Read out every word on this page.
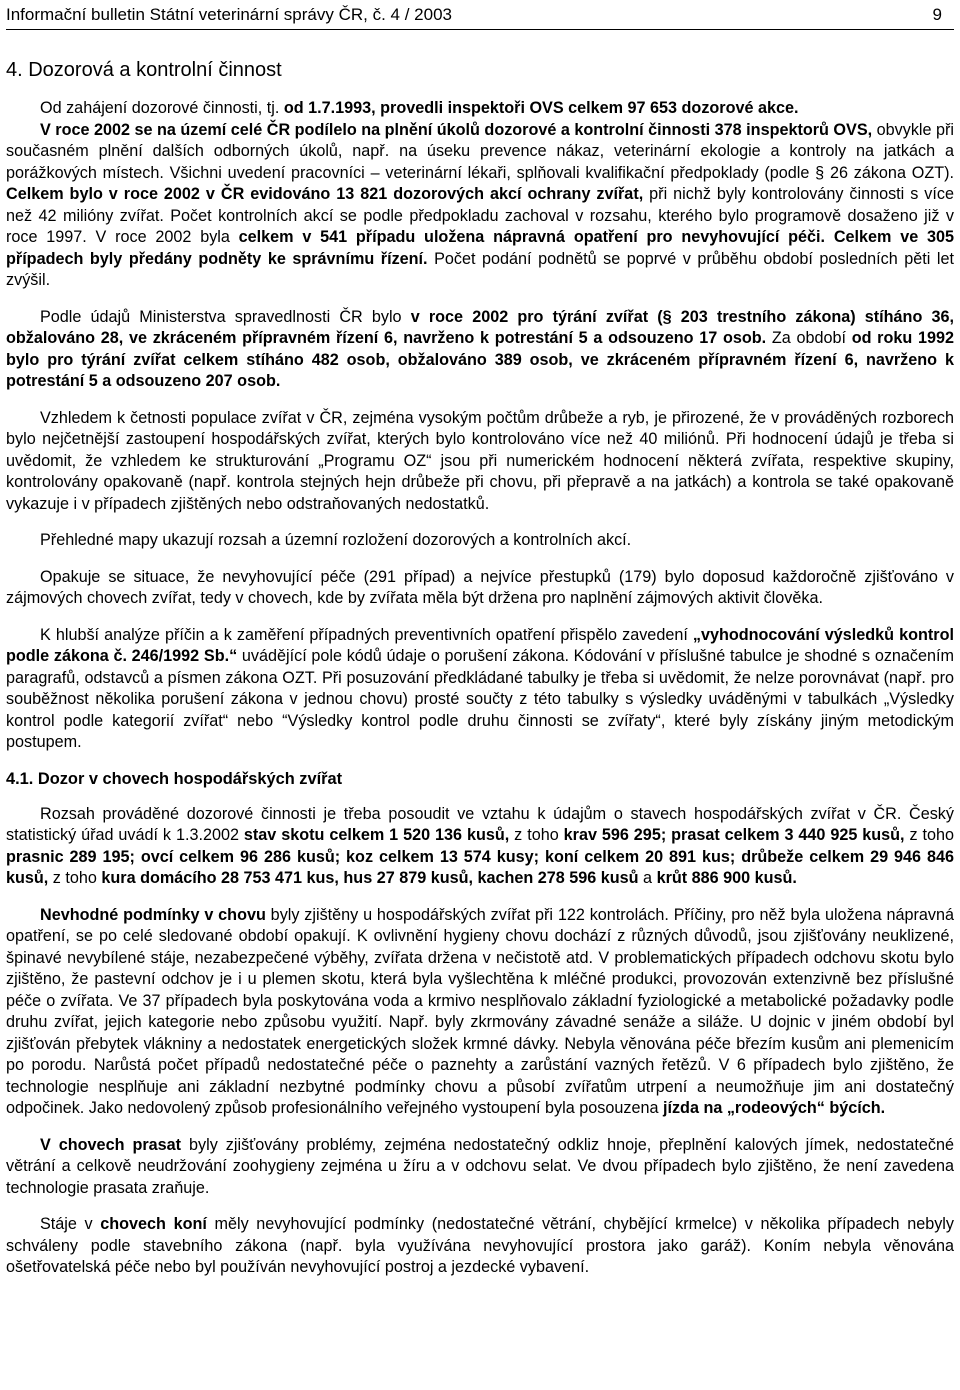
Informační bulletin Státní veterinární správy ČR, č. 4 / 2003	9
4. Dozorová a kontrolní činnost

Od zahájení dozorové činnosti, tj. od 1.7.1993, provedli inspektoři OVS celkem 97 653 dozorové akce.

V roce 2002 se na území celé ČR podílelo na plnění úkolů dozorové a kontrolní činnosti 378 inspektorů OVS, obvykle při současném plnění dalších odborných úkolů, např. na úseku prevence nákaz, veterinární ekologie a kontroly na jatkách a porážkových místech. Všichni uvedení pracovníci – veterinární lékaři, splňovali kvalifikační předpoklady (podle § 26 zákona OZT). Celkem bylo v roce 2002 v ČR evidováno 13 821 dozorových akcí ochrany zvířat, při nichž byly kontrolovány činnosti s více než 42 milióny zvířat. Počet kontrolních akcí se podle předpokladu zachoval v rozsahu, kterého bylo programově dosaženo již v roce 1997. V roce 2002 byla celkem v 541 případu uložena nápravná opatření pro nevyhovující péči. Celkem ve 305 případech byly předány podněty ke správnímu řízení. Počet podání podnětů se poprvé v průběhu období posledních pěti let zvýšil.

Podle údajů Ministerstva spravedlnosti ČR bylo v roce 2002 pro týrání zvířat (§ 203 trestního zákona) stíháno 36, obžalováno 28, ve zkráceném přípravném řízení 6, navrženo k potrestání 5 a odsouzeno 17 osob. Za období od roku 1992 bylo pro týrání zvířat celkem stíháno 482 osob, obžalováno 389 osob, ve zkráceném přípravném řízení 6, navrženo k potrestání 5 a odsouzeno 207 osob.

Vzhledem k četnosti populace zvířat v ČR, zejména vysokým počtům drůbeže a ryb, je přirozené, že v prováděných rozborech bylo nejčetnější zastoupení hospodářských zvířat, kterých bylo kontrolováno více než 40 miliónů. Při hodnocení údajů je třeba si uvědomit, že vzhledem ke strukturování „Programu OZ“ jsou při numerickém hodnocení některá zvířata, respektive skupiny, kontrolovány opakovaně (např. kontrola stejných hejn drůbeže při chovu, při přepravě a na jatkách) a kontrola se také opakovaně vykazuje i v případech zjištěných nebo odstraňovaných nedostatků.

Přehledné mapy ukazují rozsah a územní rozložení dozorových a kontrolních akcí.

Opakuje se situace, že nevyhovující péče (291 případ) a nejvíce přestupků (179) bylo doposud každoročně zjišťováno v zájmových chovech zvířat, tedy v chovech, kde by zvířata měla být držena pro naplnění zájmových aktivit člověka.

K hlubší analýze příčin a k zaměření případných preventivních opatření přispělo zavedení „vyhodnocování výsledků kontrol podle zákona č. 246/1992 Sb.“ uvádějící pole kódů údaje o porušení zákona. Kódování v příslušné tabulce je shodné s označením paragrafů, odstavců a písmen zákona OZT. Při posuzování předkládané tabulky je třeba si uvědomit, že nelze porovnávat (např. pro souběžnost několika porušení zákona v jednou chovu) prosté součty z této tabulky s výsledky uváděnými v tabulkách „Výsledky kontrol podle kategorií zvířat“ nebo “Výsledky kontrol podle druhu činnosti se zvířaty“, které byly získány jiným metodickým postupem.

4.1. Dozor v chovech hospodářských zvířat

Rozsah prováděné dozorové činnosti je třeba posoudit ve vztahu k údajům o stavech hospodářských zvířat v ČR. Český statistický úřad uvádí k 1.3.2002 stav skotu celkem 1 520 136 kusů, z toho krav 596 295; prasat celkem 3 440 925 kusů, z toho prasnic 289 195; ovcí celkem 96 286 kusů; koz celkem 13 574 kusy; koní celkem 20 891 kus; drůbeže celkem 29 946 846 kusů, z toho kura domácího 28 753 471 kus, hus 27 879 kusů, kachen 278 596 kusů a krůt 886 900 kusů.

Nevhodné podmínky v chovu byly zjištěny u hospodářských zvířat při 122 kontrolách. Příčiny, pro něž byla uložena nápravná opatření, se po celé sledované období opakují. K ovlivnění hygieny chovu dochází z různých důvodů, jsou zjišťovány neuklizené, špinavé nevybílené stáje, nezabezpečené výběhy, zvířata držena v nečistotě atd. V problematických případech odchovu skotu bylo zjištěno, že pastevní odchov je i u plemen skotu, která byla vyšlechtěna k mléčné produkci, provozován extenzivně bez příslušné péče o zvířata. Ve 37 případech byla poskytována voda a krmivo nesplňovalo základní fyziologické a metabolické požadavky podle druhu zvířat, jejich kategorie nebo způsobu využití. Např. byly zkrmovány závadné senáže a siláže. U dojnic v jiném období byl zjišťován přebytek vlákniny a nedostatek energetických složek krmné dávky. Nebyla věnována péče březím kusům ani plemenicím po porodu. Narůstá počet případů nedostatečné péče o paznehty a zarůstání vazných řetězů. V 6 případech bylo zjištěno, že technologie nesplňuje ani základní nezbytné podmínky chovu a působí zvířatům utrpení a neumožňuje jim ani dostatečný odpočinek. Jako nedovolený způsob profesionálního veřejného vystoupení byla posouzena jízda na „rodeových“ býcích.

V chovech prasat byly zjišťovány problémy, zejména nedostatečný odkliz hnoje, přeplnění kalových jímek, nedostatečné větrání a celkově neudržování zoohygieny zejména u žíru a v odchovu selat. Ve dvou případech bylo zjištěno, že není zavedena technologie prasata zraňuje.

Stáje v chovech koní měly nevyhovující podmínky (nedostatečné větrání, chybějící krmelce) v několika případech nebyly schváleny podle stavebního zákona (např. byla využívána nevyhovující prostora jako garáž). Koním nebyla věnována ošetřovatelská péče nebo byl používán nevyhovující postroj a jezdecké vybavení.
